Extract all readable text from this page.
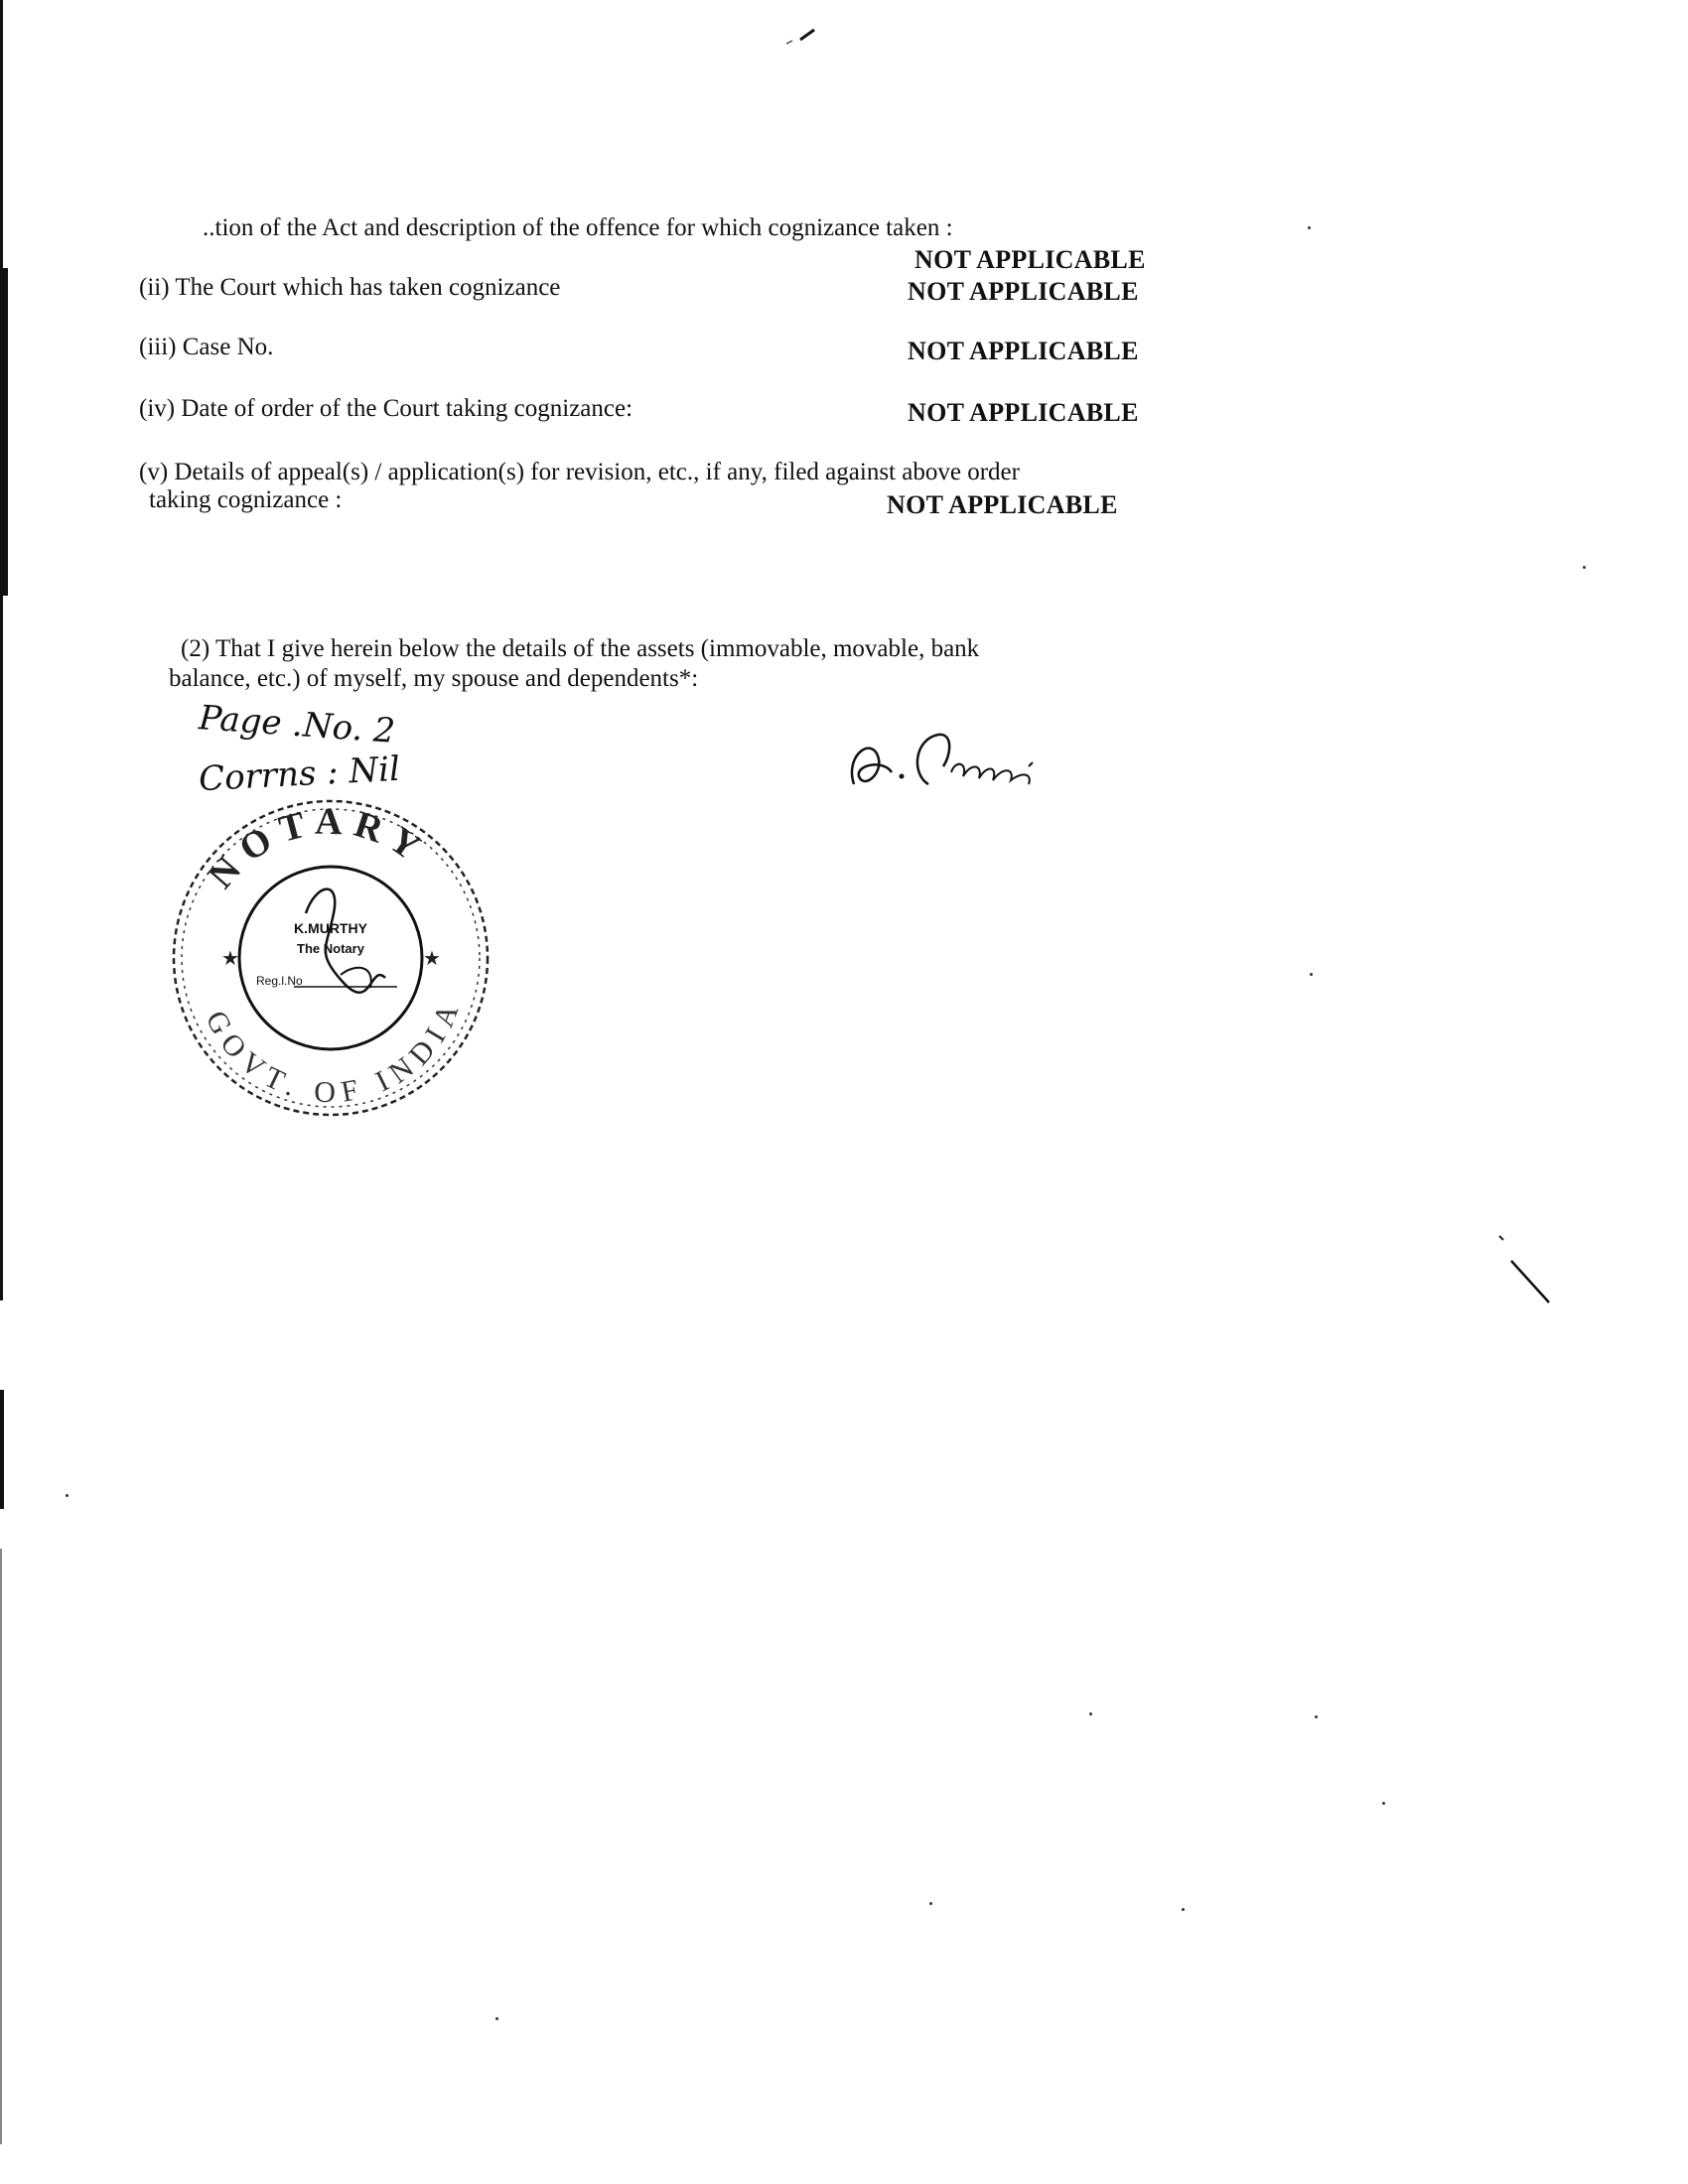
..tion of the Act and description of the offence for which cognizance taken :
NOT APPLICABLE
(ii) The Court which has taken cognizance	NOT APPLICABLE
(iii) Case No.	NOT APPLICABLE
(iv) Date of order of the Court taking cognizance:	NOT APPLICABLE
(v) Details of appeal(s) / application(s) for revision, etc., if any, filed against above order
taking cognizance :	NOT APPLICABLE
(2) That I give herein below the details of the assets (immovable, movable, bank
balance, etc.) of myself, my spouse and dependents*:
Page .No. 2
Corrns : Nil
NOTARY
GOVT. OF INDIA
★	★
K.MURTHY
The Notary
Reg.l.No
